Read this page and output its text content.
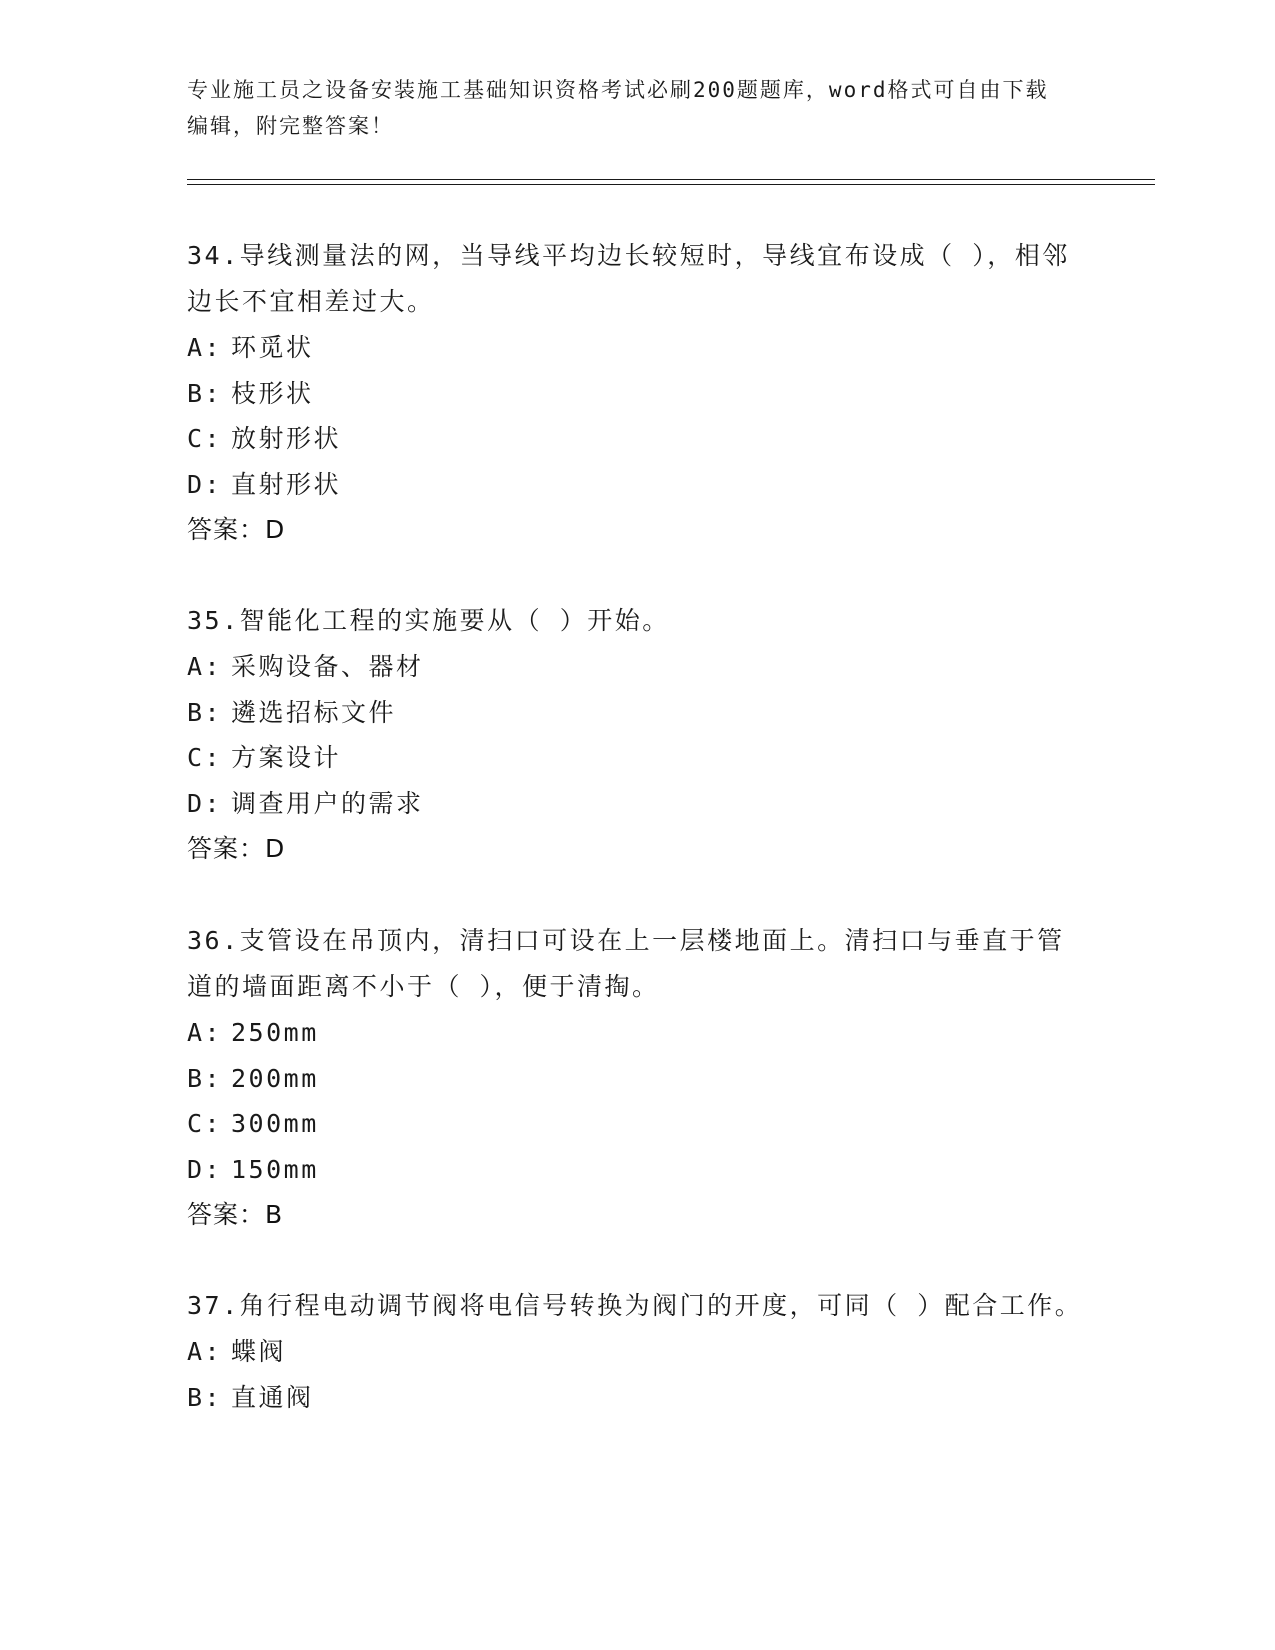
专业施工员之设备安装施工基础知识资格考试必刷200题题库，word格式可自由下载编辑，附完整答案！

34.导线测量法的网，当导线平均边长较短时，导线宜布设成（ ），相邻边长不宜相差过大。

A: 环觅状

B: 枝形状

C: 放射形状

D: 直射形状

答案：D

35.智能化工程的实施要从（ ）开始。

A: 采购设备、器材

B: 遴选招标文件

C: 方案设计

D: 调查用户的需求

答案：D

36.支管设在吊顶内，清扫口可设在上一层楼地面上。清扫口与垂直于管道的墙面距离不小于（ ），便于清掏。

A: 250mm

B: 200mm

C: 300mm

D: 150mm

答案：B

37.角行程电动调节阀将电信号转换为阀门的开度，可同（ ）配合工作。

A: 蝶阀

B: 直通阀
